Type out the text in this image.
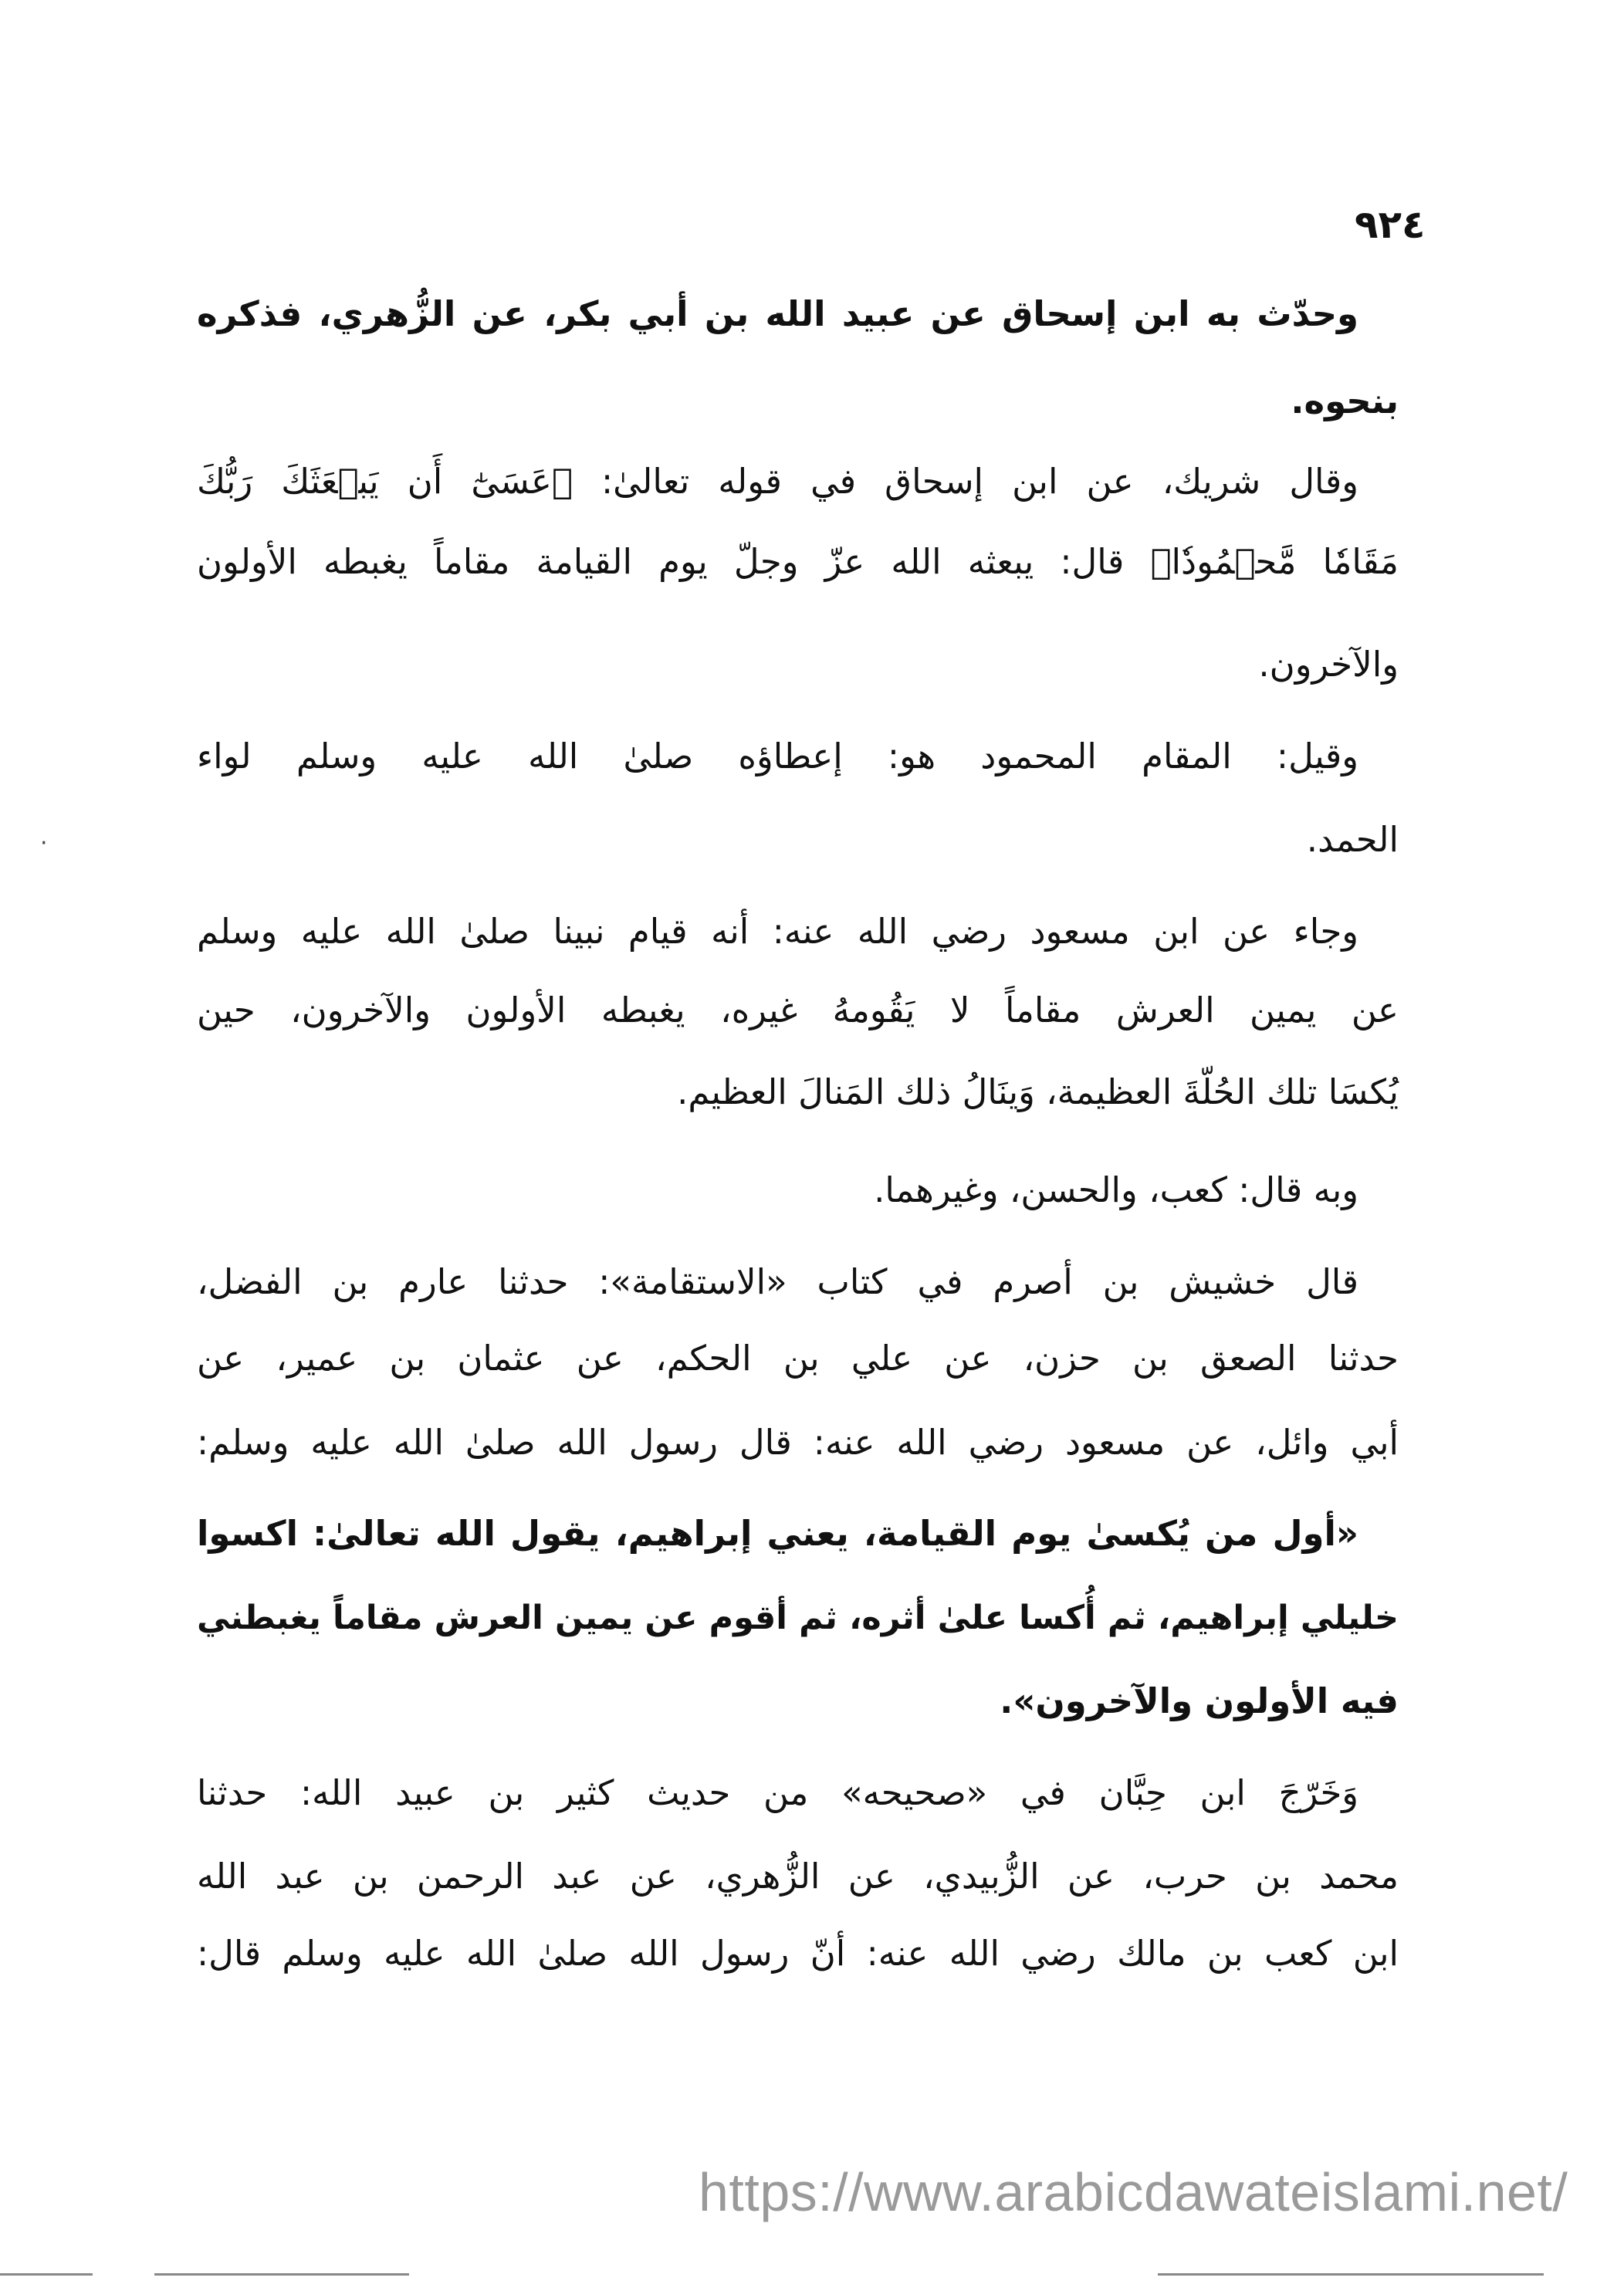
٩٢٤
وحدّث به ابن إسحاق عن عبيد الله بن أبي بكر، عن الزُّهري، فذكره
بنحوه.
وقال شريك، عن ابن إسحاق في قوله تعالىٰ: ﴿عَسَىٰٓ أَن يَبۡعَثَكَ رَبُّكَ
مَقَامٗا مَّحۡمُودٗا﴾ قال: يبعثه الله عزّ وجلّ يوم القيامة مقاماً يغبطه الأولون
والآخرون.
وقيل: المقام المحمود هو: إعطاؤه صلىٰ الله عليه وسلم لواء
الحمد.
وجاء عن ابن مسعود رضي الله عنه: أنه قيام نبينا صلىٰ الله عليه وسلم
عن يمين العرش مقاماً لا يَقُومهُ غيره، يغبطه الأولون والآخرون، حين
يُكسَا تلك الحُلّةَ العظيمة، وَينَالُ ذلك المَنالَ العظيم.
وبه قال: كعب، والحسن، وغيرهما.
قال خشيش بن أصرم في كتاب «الاستقامة»: حدثنا عارم بن الفضل،
حدثنا الصعق بن حزن، عن علي بن الحكم، عن عثمان بن عمير، عن
أبي وائل، عن مسعود رضي الله عنه: قال رسول الله صلىٰ الله عليه وسلم:
«أول من يُكسىٰ يوم القيامة، يعني إبراهيم، يقول الله تعالىٰ: اكسوا
خليلي إبراهيم، ثم أُكسا علىٰ أثره، ثم أقوم عن يمين العرش مقاماً يغبطني
فيه الأولون والآخرون».
وَخَرّجَ ابن حِبَّان في «صحيحه» من حديث كثير بن عبيد الله: حدثنا
محمد بن حرب، عن الزُّبيدي، عن الزُّهري، عن عبد الرحمن بن عبد الله
ابن كعب بن مالك رضي الله عنه: أنّ رسول الله صلىٰ الله عليه وسلم قال:
https://www.arabicdawateislami.net/
·
